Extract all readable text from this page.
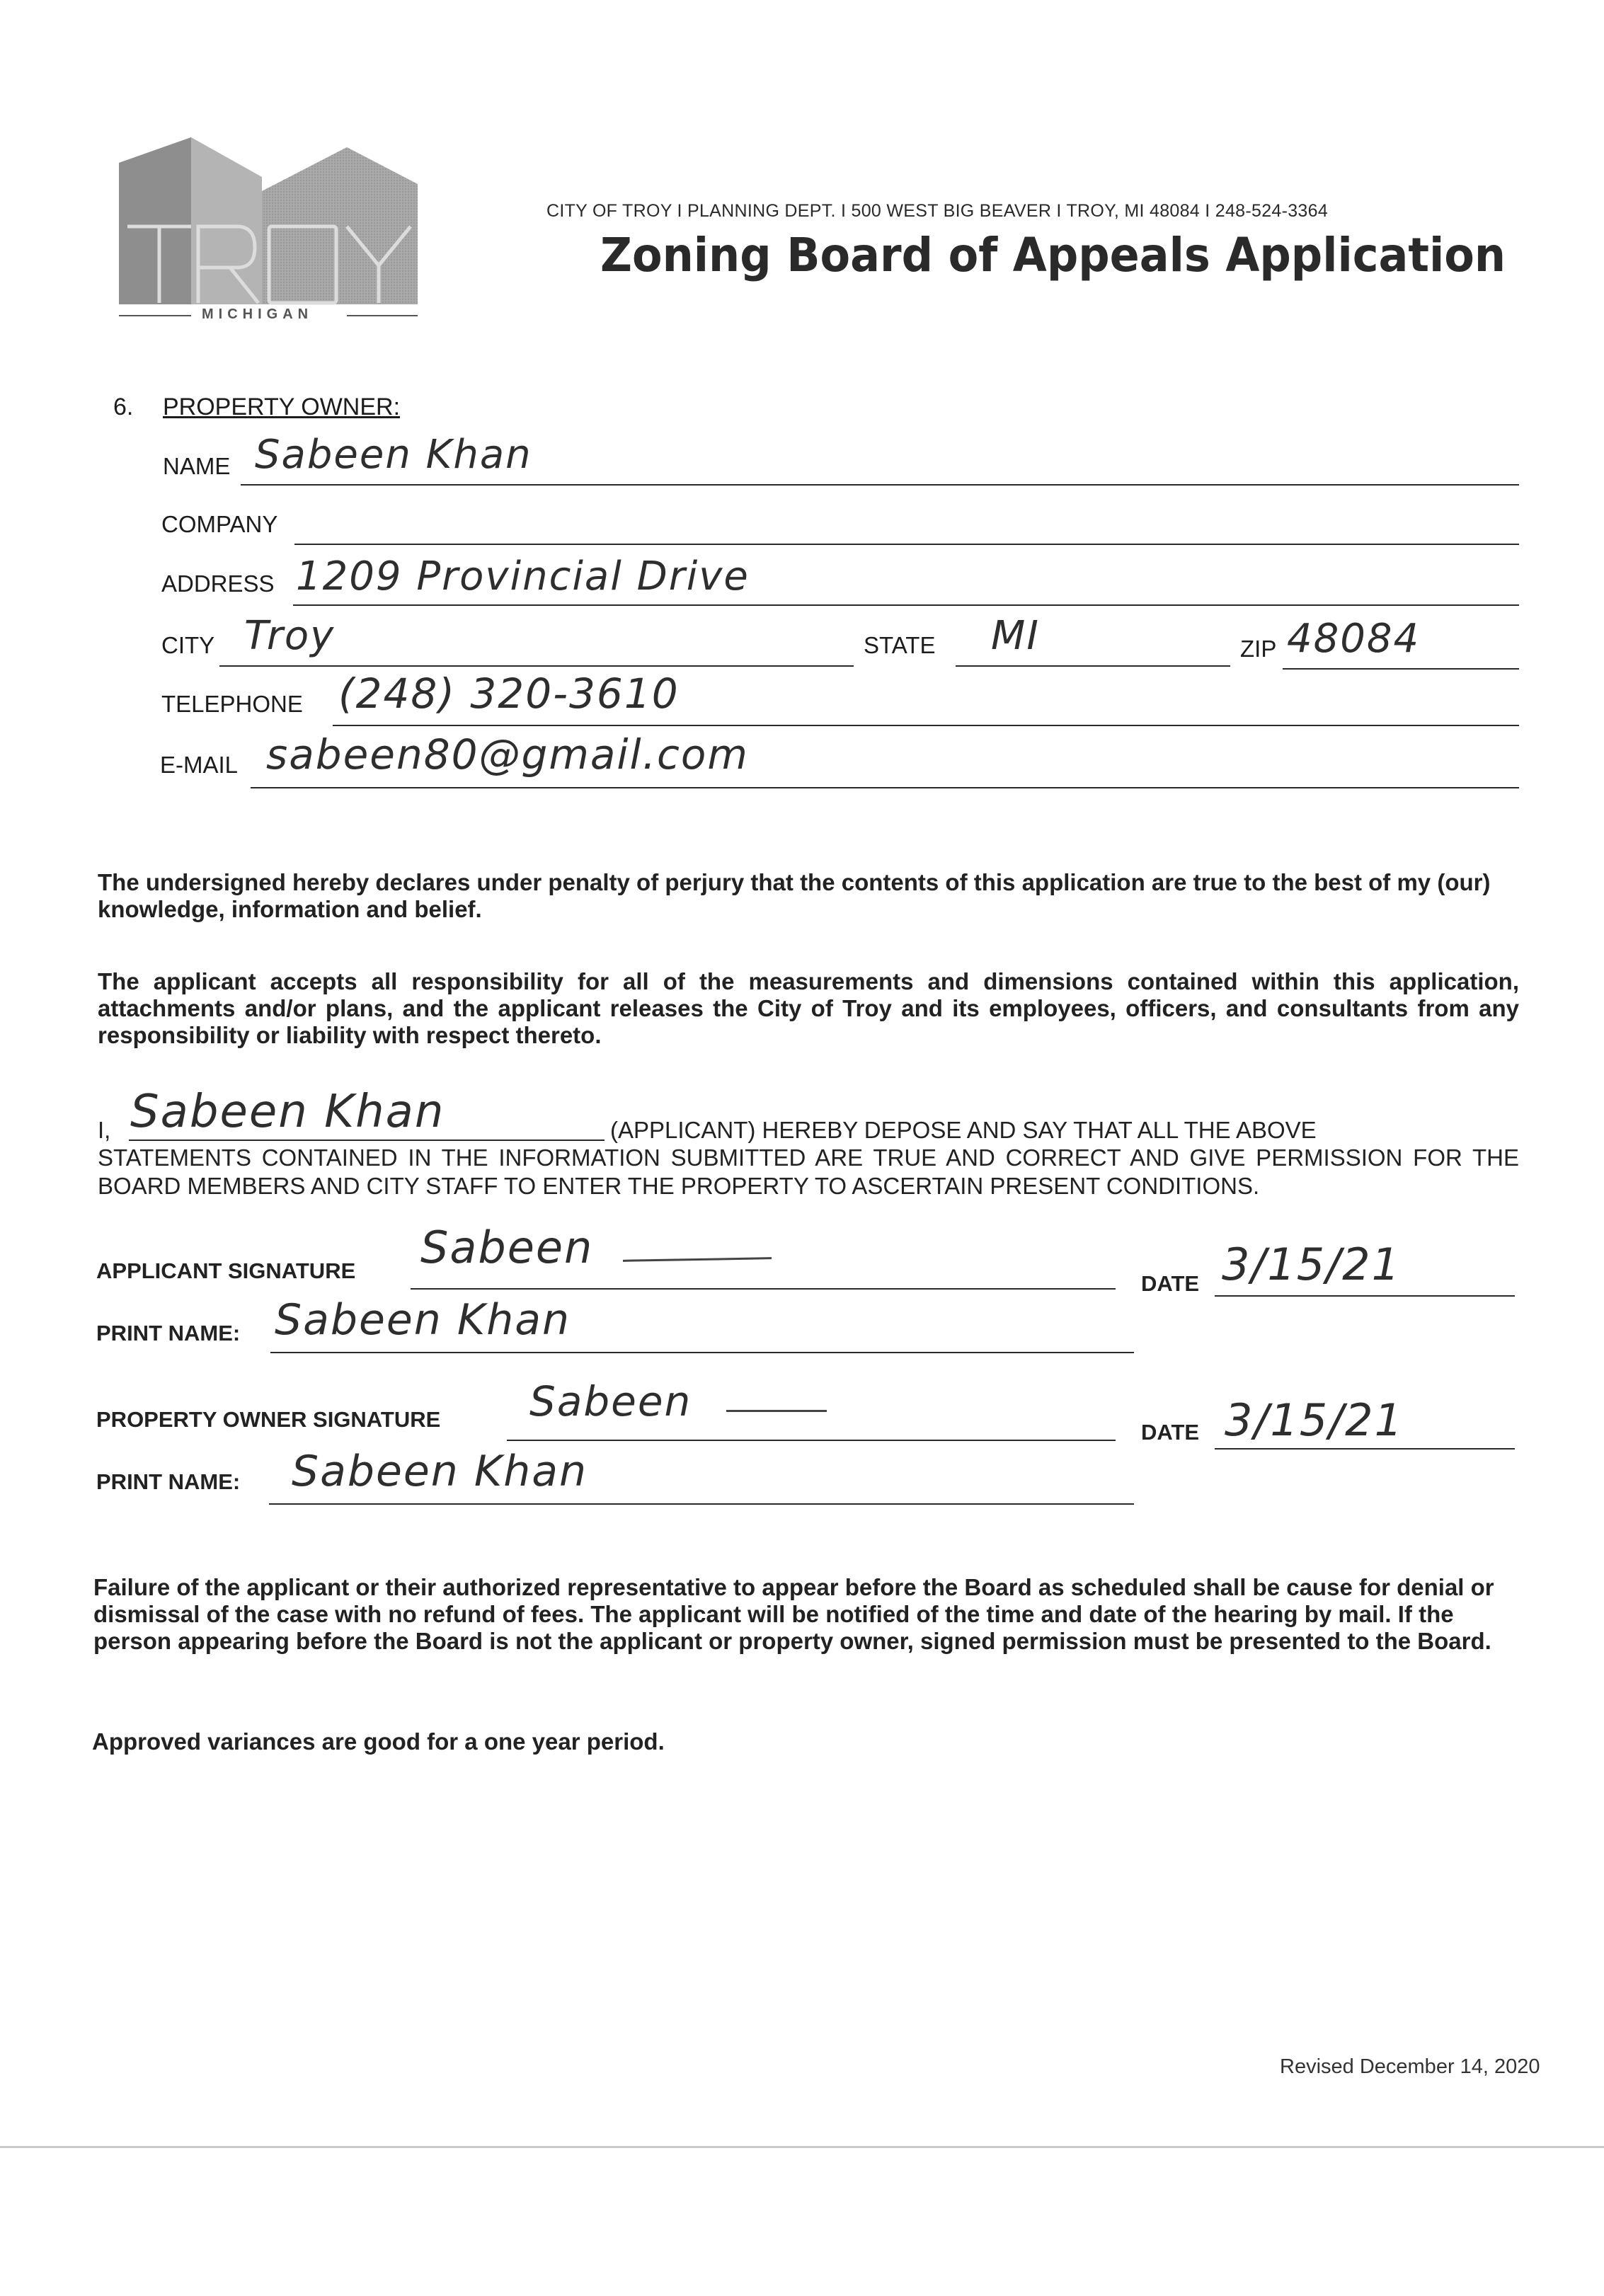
MICHIGAN
CITY OF TROY I PLANNING DEPT. I 500 WEST BIG BEAVER I TROY, MI 48084 I 248-524-3364
Zoning Board of Appeals Application
6. PROPERTY OWNER:
NAME Sabeen Khan
COMPANY
ADDRESS 1209 Provincial Drive
CITY Troy	STATE MI	ZIP 48084
TELEPHONE (248) 320-3610
E-MAIL sabeen80@gmail.com
The undersigned hereby declares under penalty of perjury that the contents of this application are true to the best of my (our) knowledge, information and belief.
The applicant accepts all responsibility for all of the measurements and dimensions contained within this application, attachments and/or plans, and the applicant releases the City of Troy and its employees, officers, and consultants from any responsibility or liability with respect thereto.
I, Sabeen Khan	(APPLICANT) HEREBY DEPOSE AND SAY THAT ALL THE ABOVE
STATEMENTS CONTAINED IN THE INFORMATION SUBMITTED ARE TRUE AND CORRECT AND GIVE PERMISSION FOR THE BOARD MEMBERS AND CITY STAFF TO ENTER THE PROPERTY TO ASCERTAIN PRESENT CONDITIONS.
APPLICANT SIGNATURE Sabeen
DATE 3/15/21
PRINT NAME: Sabeen Khan
PROPERTY OWNER SIGNATURE Sabeen
DATE 3/15/21
PRINT NAME: Sabeen Khan
Failure of the applicant or their authorized representative to appear before the Board as scheduled shall be cause for denial or dismissal of the case with no refund of fees. The applicant will be notified of the time and date of the hearing by mail. If the person appearing before the Board is not the applicant or property owner, signed permission must be presented to the Board.
Approved variances are good for a one year period.
Revised December 14, 2020
